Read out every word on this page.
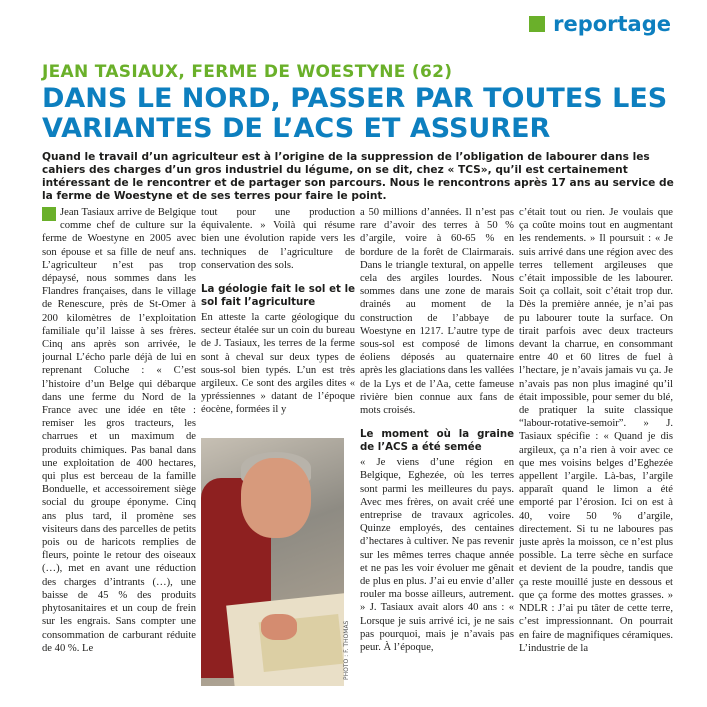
reportage
JEAN TASIAUX, FERME DE WOESTYNE (62)
DANS LE NORD, PASSER PAR TOUTES LES VARIANTES DE L’ACS ET ASSURER

Quand le travail d’un agriculteur est à l’origine de la suppression de l’obligation de labourer dans les cahiers des charges d’un gros industriel du légume, on se dit, chez « TCS», qu’il est certainement intéressant de le rencontrer et de partager son parcours. Nous le rencontrons après 17 ans au service de la ferme de Woestyne et de ses terres pour faire le point.

Jean Tasiaux arrive de Belgique comme chef de culture sur la ferme de Woestyne en 2005 avec son épouse et sa fille de neuf ans. L’agriculteur n’est pas trop dépaysé, nous sommes dans les Flandres françaises, dans le village de Renescure, près de St-Omer à 200 kilomètres de l’exploitation familiale qu’il laisse à ses frères. Cinq ans après son arrivée, le journal L’écho parle déjà de lui en reprenant Coluche : « C’est l’histoire d’un Belge qui débarque dans une ferme du Nord de la France avec une idée en tête : remiser les gros tracteurs, les charrues et un maximum de produits chimiques. Pas banal dans une exploitation de 400 hectares, qui plus est berceau de la famille Bonduelle, et accessoirement siège social du groupe éponyme. Cinq ans plus tard, il promène ses visiteurs dans des parcelles de petits pois ou de haricots remplies de fleurs, pointe le retour des oiseaux (…), met en avant une réduction des charges d’intrants (…), une baisse de 45 % des produits phytosanitaires et un coup de frein sur les engrais. Sans compter une consommation de carburant réduite de 40 %. Le

tout pour une production équivalente. » Voilà qui résume bien une évolution rapide vers les techniques de l’agriculture de conservation des sols.

La géologie fait le sol et le sol fait l’agriculture

En atteste la carte géologique du secteur étalée sur un coin du bureau de J. Tasiaux, les terres de la ferme sont à cheval sur deux types de sous-sol bien typés. L’un est très argileux. Ce sont des argiles dites « ypréssiennes » datant de l’époque éocène, formées il y

PHOTO : F. THOMAS

a 50 millions d’années. Il n’est pas rare d’avoir des terres à 50 % d’argile, voire à 60-65 % en bordure de la forêt de Clairmarais. Dans le triangle textural, on appelle cela des argiles lourdes. Nous sommes dans une zone de marais drainés au moment de la construction de l’abbaye de Woestyne en 1217. L’autre type de sous-sol est composé de limons éoliens déposés au quaternaire après les glaciations dans les vallées de la Lys et de l’Aa, cette fameuse rivière bien connue aux fans de mots croisés.

Le moment où la graine de l’ACS a été semée

« Je viens d’une région en Belgique, Eghezée, où les terres sont parmi les meilleures du pays. Avec mes frères, on avait créé une entreprise de travaux agricoles. Quinze employés, des centaines d’hectares à cultiver. Ne pas revenir sur les mêmes terres chaque année et ne pas les voir évoluer me gênait de plus en plus. J’ai eu envie d’aller rouler ma bosse ailleurs, autrement. » J. Tasiaux avait alors 40 ans : « Lorsque je suis arrivé ici, je ne sais pas pourquoi, mais je n’avais pas peur. À l’époque,

c’était tout ou rien. Je voulais que ça coûte moins tout en augmentant les rendements. » Il poursuit : « Je suis arrivé dans une région avec des terres tellement argileuses que c’était impossible de les labourer. Soit ça collait, soit c’était trop dur. Dès la première année, je n’ai pas pu labourer toute la surface. On tirait parfois avec deux tracteurs devant la charrue, en consommant entre 40 et 60 litres de fuel à l’hectare, je n’avais jamais vu ça. Je n’avais pas non plus imaginé qu’il était impossible, pour semer du blé, de pratiquer la suite classique “labour-rotative-semoir”. » J. Tasiaux spécifie : « Quand je dis argileux, ça n’a rien à voir avec ce que mes voisins belges d’Eghezée appellent l’argile. Là-bas, l’argile apparaît quand le limon a été emporté par l’érosion. Ici on est à 40, voire 50 % d’argile, directement. Si tu ne laboures pas juste après la moisson, ce n’est plus possible. La terre sèche en surface et devient de la poudre, tandis que ça reste mouillé juste en dessous et que ça forme des mottes grasses. » NDLR : J’ai pu tâter de cette terre, c’est impressionnant. On pourrait en faire de magnifiques céramiques. L’industrie de la
